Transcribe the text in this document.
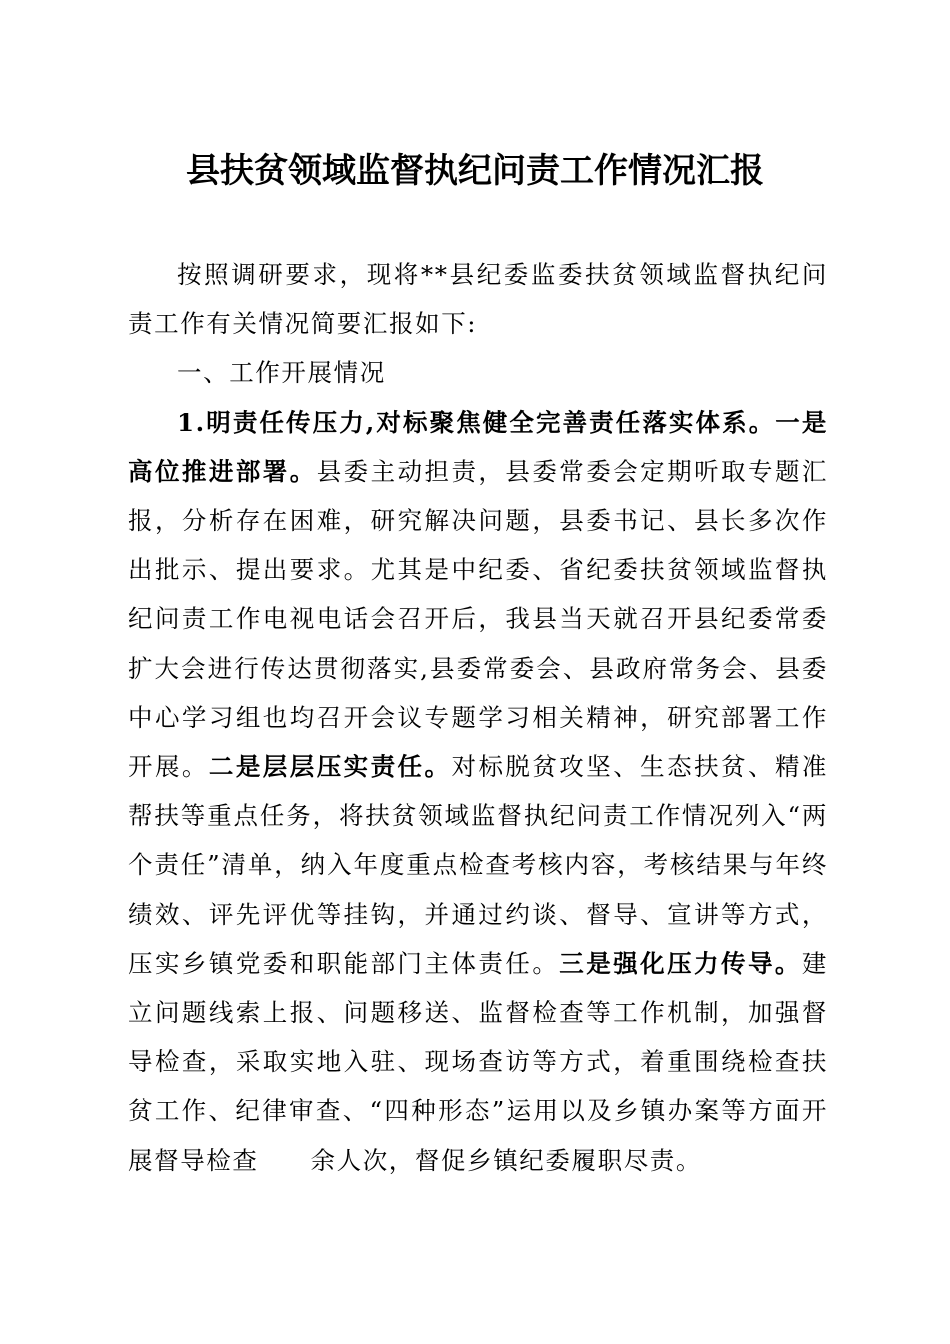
县扶贫领域监督执纪问责工作情况汇报

按照调研要求，现将**县纪委监委扶贫领域监督执纪问责工作有关情况简要汇报如下:

一、工作开展情况

1.明责任传压力,对标聚焦健全完善责任落实体系。一是高位推进部署。县委主动担责，县委常委会定期听取专题汇报，分析存在困难，研究解决问题，县委书记、县长多次作出批示、提出要求。尤其是中纪委、省纪委扶贫领域监督执纪问责工作电视电话会召开后，我县当天就召开县纪委常委扩大会进行传达贯彻落实,县委常委会、县政府常务会、县委中心学习组也均召开会议专题学习相关精神，研究部署工作开展。二是层层压实责任。对标脱贫攻坚、生态扶贫、精准帮扶等重点任务，将扶贫领域监督执纪问责工作情况列入“两个责任”清单，纳入年度重点检查考核内容，考核结果与年终绩效、评先评优等挂钩，并通过约谈、督导、宣讲等方式，压实乡镇党委和职能部门主体责任。三是强化压力传导。建立问题线索上报、问题移送、监督检查等工作机制，加强督导检查，采取实地入驻、现场查访等方式，着重围绕检查扶贫工作、纪律审查、“四种形态”运用以及乡镇办案等方面开展督导检查 余人次，督促乡镇纪委履职尽责。
